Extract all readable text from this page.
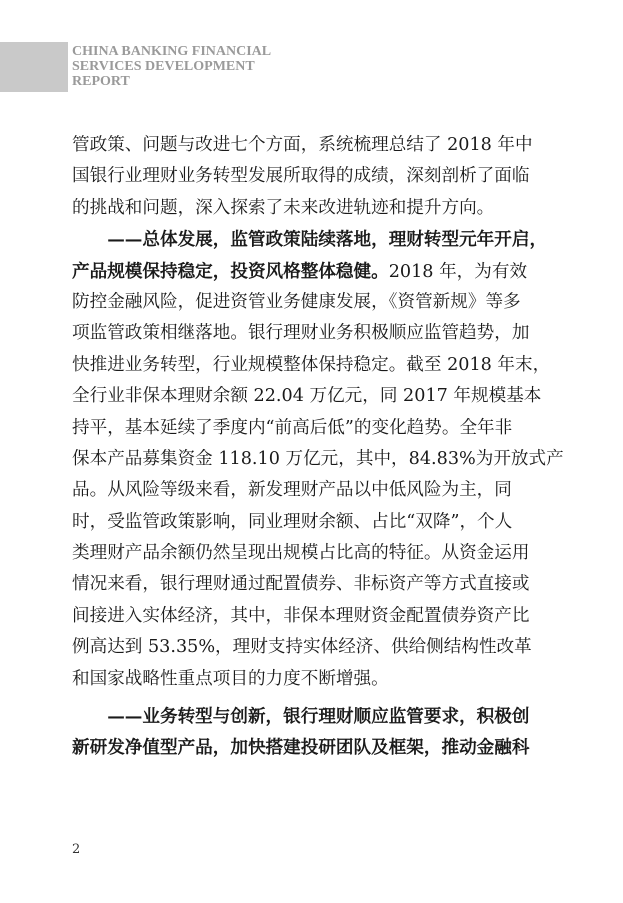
CHINA BANKING FINANCIAL
SERVICES DEVELOPMENT
REPORT
管政策、问题与改进七个方面，系统梳理总结了 2018 年中
国银行业理财业务转型发展所取得的成绩，深刻剖析了面临
的挑战和问题，深入探索了未来改进轨迹和提升方向。
　　——总体发展，监管政策陆续落地，理财转型元年开启，
产品规模保持稳定，投资风格整体稳健。2018 年，为有效
防控金融风险，促进资管业务健康发展，《资管新规》等多
项监管政策相继落地。银行理财业务积极顺应监管趋势，加
快推进业务转型，行业规模整体保持稳定。截至 2018 年末，
全行业非保本理财余额 22.04 万亿元，同 2017 年规模基本
持平，基本延续了季度内“前高后低”的变化趋势。全年非
保本产品募集资金 118.10 万亿元，其中，84.83%为开放式产
品。从风险等级来看，新发理财产品以中低风险为主，同
时，受监管政策影响，同业理财余额、占比“双降”，个人
类理财产品余额仍然呈现出规模占比高的特征。从资金运用
情况来看，银行理财通过配置债券、非标资产等方式直接或
间接进入实体经济，其中，非保本理财资金配置债券资产比
例高达到 53.35%，理财支持实体经济、供给侧结构性改革
和国家战略性重点项目的力度不断增强。
　　——业务转型与创新，银行理财顺应监管要求，积极创
新研发净值型产品，加快搭建投研团队及框架，推动金融科
2
